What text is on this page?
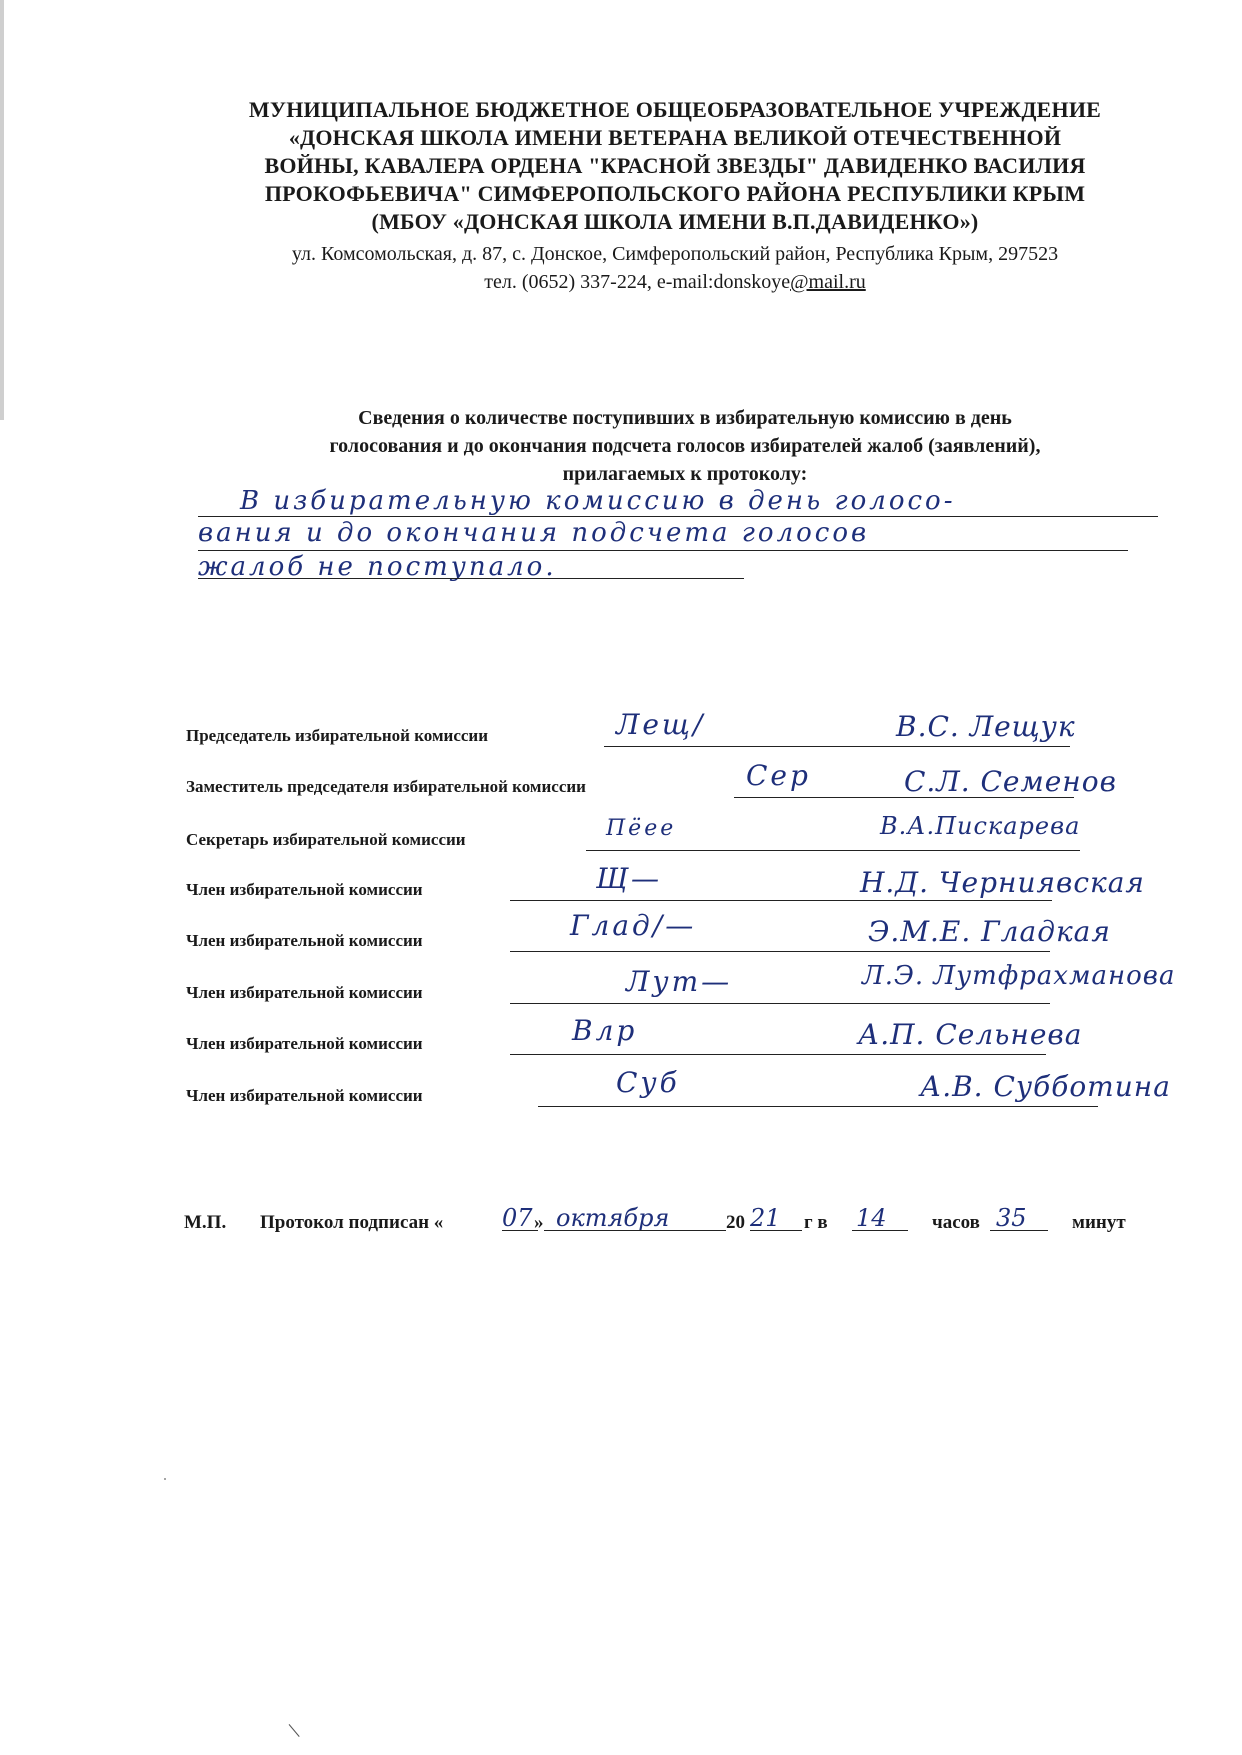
МУНИЦИПАЛЬНОЕ БЮДЖЕТНОЕ ОБЩЕОБРАЗОВАТЕЛЬНОЕ УЧРЕЖДЕНИЕ
«ДОНСКАЯ ШКОЛА ИМЕНИ ВЕТЕРАНА ВЕЛИКОЙ ОТЕЧЕСТВЕННОЙ
ВОЙНЫ, КАВАЛЕРА ОРДЕНА "КРАСНОЙ ЗВЕЗДЫ" ДАВИДЕНКО ВАСИЛИЯ
ПРОКОФЬЕВИЧА" СИМФЕРОПОЛЬСКОГО РАЙОНА РЕСПУБЛИКИ КРЫМ
(МБОУ «ДОНСКАЯ ШКОЛА ИМЕНИ В.П.ДАВИДЕНКО»)
ул. Комсомольская, д. 87, с. Донское, Симферопольский район, Республика Крым, 297523
тел. (0652) 337-224, e-mail:donskoye@mail.ru
Сведения о количестве поступивших в избирательную комиссию в день
голосования и до окончания подсчета голосов избирателей жалоб (заявлений),
прилагаемых к протоколу:
В избирательную комиссию в день голосо-
вания и до окончания подсчета голосов
жалоб не поступало.
Председатель избирательной комиссии	Лещ/	В.С. Лещук
Заместитель председателя избирательной комиссии	Сер	С.Л. Семенов
Секретарь избирательной комиссии	Пёее	В.А.Пискарева
Член избирательной комиссии	Щ—	Н.Д. Черниявская
Член избирательной комиссии	Глад/—	Э.М.Е. Гладкая
Член избирательной комиссии	Лут—	Л.Э. Лутфрахманова
Член избирательной комиссии	Влр	А.П. Сельнева
Член избирательной комиссии	Суб	А.В. Субботина
М.П. Протокол подписан « 07 » октября	20 21 г в 14 часов 35 минут
